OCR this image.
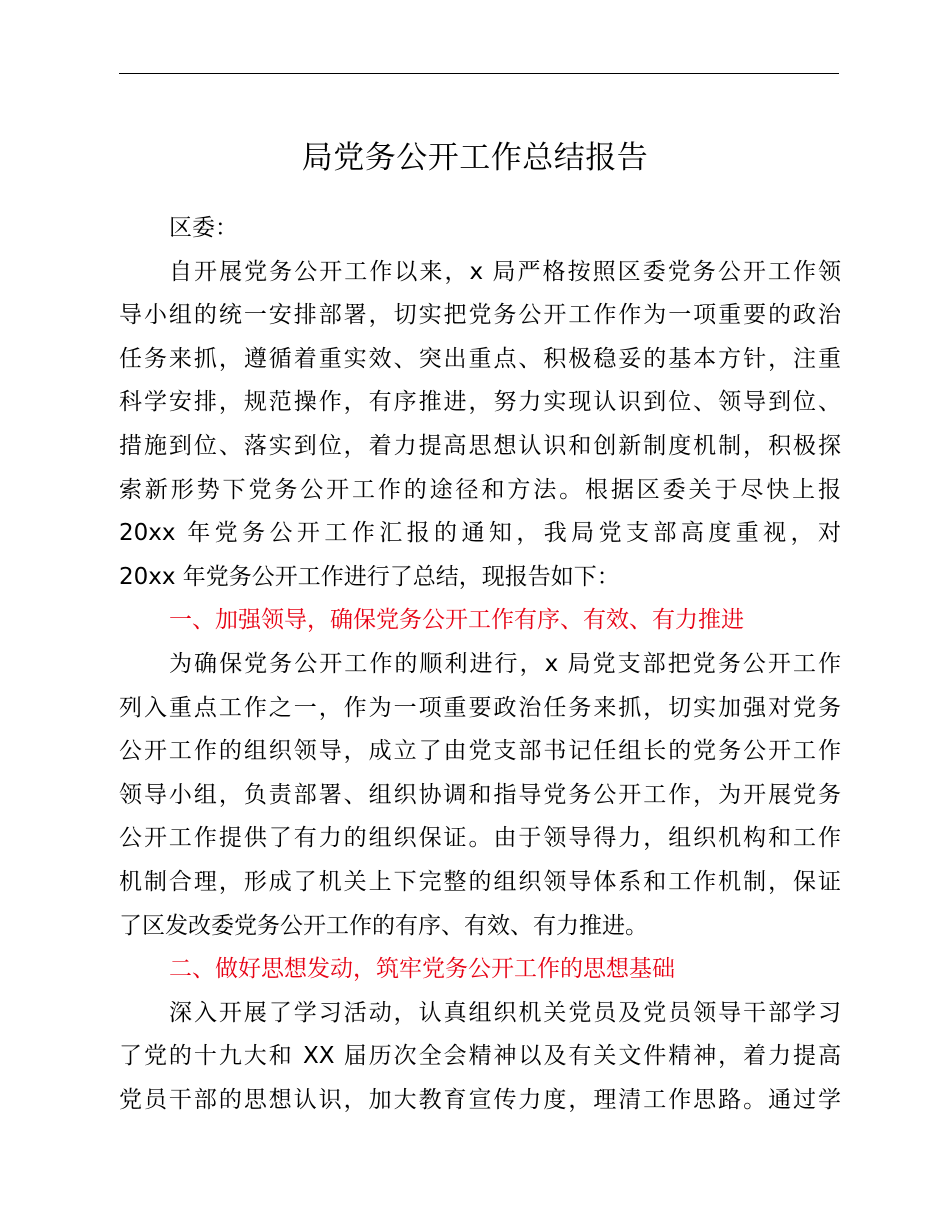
局党务公开工作总结报告

区委：

自开展党务公开工作以来，x 局严格按照区委党务公开工作领

导小组的统一安排部署，切实把党务公开工作作为一项重要的政治

任务来抓，遵循着重实效、突出重点、积极稳妥的基本方针，注重

科学安排，规范操作，有序推进，努力实现认识到位、领导到位、

措施到位、落实到位，着力提高思想认识和创新制度机制，积极探

索新形势下党务公开工作的途径和方法。根据区委关于尽快上报

20xx 年党务公开工作汇报的通知，我局党支部高度重视，对

20xx 年党务公开工作进行了总结，现报告如下：

一、加强领导，确保党务公开工作有序、有效、有力推进

为确保党务公开工作的顺利进行，x 局党支部把党务公开工作

列入重点工作之一，作为一项重要政治任务来抓，切实加强对党务

公开工作的组织领导，成立了由党支部书记任组长的党务公开工作

领导小组，负责部署、组织协调和指导党务公开工作，为开展党务

公开工作提供了有力的组织保证。由于领导得力，组织机构和工作

机制合理，形成了机关上下完整的组织领导体系和工作机制，保证

了区发改委党务公开工作的有序、有效、有力推进。

二、做好思想发动，筑牢党务公开工作的思想基础

深入开展了学习活动，认真组织机关党员及党员领导干部学习

了党的十九大和 XX 届历次全会精神以及有关文件精神，着力提高

党员干部的思想认识，加大教育宣传力度，理清工作思路。通过学
